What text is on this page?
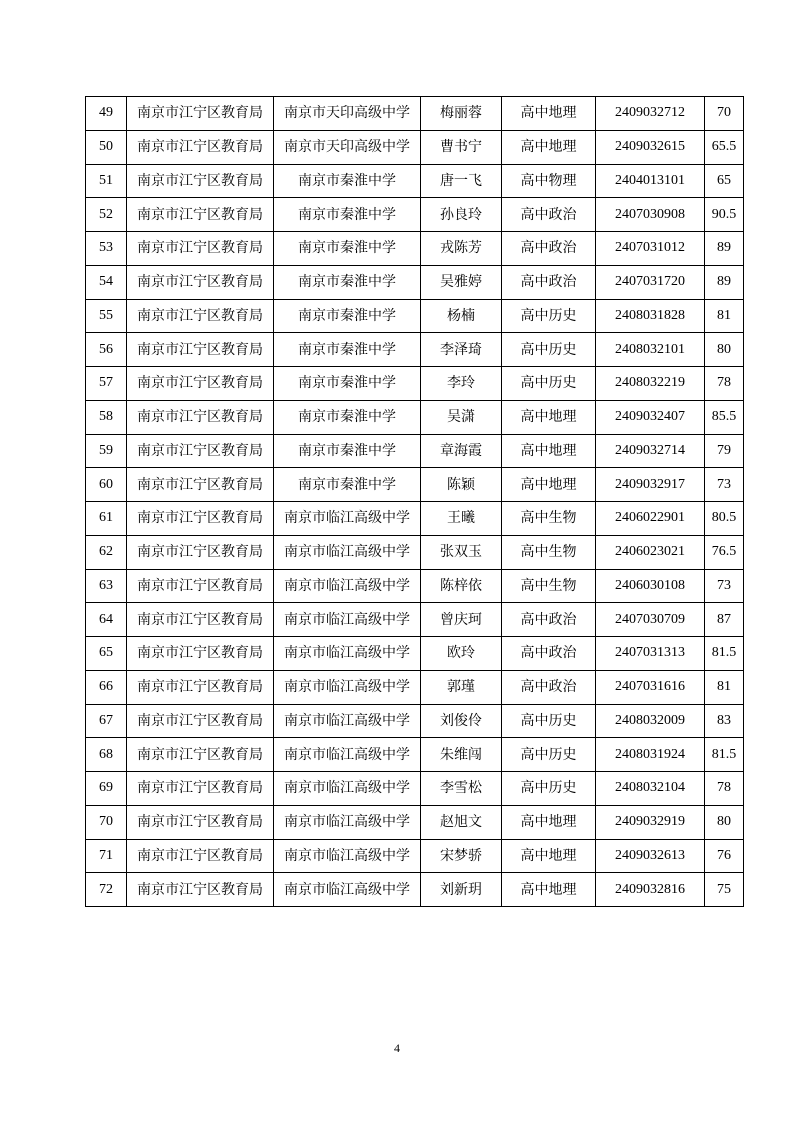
49	南京市江宁区教育局	南京市天印高级中学	梅丽蓉	高中地理	2409032712	70
50	南京市江宁区教育局	南京市天印高级中学	曹书宁	高中地理	2409032615	65.5
51	南京市江宁区教育局	南京市秦淮中学	唐一飞	高中物理	2404013101	65
52	南京市江宁区教育局	南京市秦淮中学	孙良玲	高中政治	2407030908	90.5
53	南京市江宁区教育局	南京市秦淮中学	戎陈芳	高中政治	2407031012	89
54	南京市江宁区教育局	南京市秦淮中学	吴雅婷	高中政治	2407031720	89
55	南京市江宁区教育局	南京市秦淮中学	杨楠	高中历史	2408031828	81
56	南京市江宁区教育局	南京市秦淮中学	李泽琦	高中历史	2408032101	80
57	南京市江宁区教育局	南京市秦淮中学	李玲	高中历史	2408032219	78
58	南京市江宁区教育局	南京市秦淮中学	吴潇	高中地理	2409032407	85.5
59	南京市江宁区教育局	南京市秦淮中学	章海霞	高中地理	2409032714	79
60	南京市江宁区教育局	南京市秦淮中学	陈颖	高中地理	2409032917	73
61	南京市江宁区教育局	南京市临江高级中学	王曦	高中生物	2406022901	80.5
62	南京市江宁区教育局	南京市临江高级中学	张双玉	高中生物	2406023021	76.5
63	南京市江宁区教育局	南京市临江高级中学	陈梓依	高中生物	2406030108	73
64	南京市江宁区教育局	南京市临江高级中学	曾庆珂	高中政治	2407030709	87
65	南京市江宁区教育局	南京市临江高级中学	欧玲	高中政治	2407031313	81.5
66	南京市江宁区教育局	南京市临江高级中学	郭瑾	高中政治	2407031616	81
67	南京市江宁区教育局	南京市临江高级中学	刘俊伶	高中历史	2408032009	83
68	南京市江宁区教育局	南京市临江高级中学	朱维闯	高中历史	2408031924	81.5
69	南京市江宁区教育局	南京市临江高级中学	李雪松	高中历史	2408032104	78
70	南京市江宁区教育局	南京市临江高级中学	赵旭文	高中地理	2409032919	80
71	南京市江宁区教育局	南京市临江高级中学	宋梦骄	高中地理	2409032613	76
72	南京市江宁区教育局	南京市临江高级中学	刘新玥	高中地理	2409032816	75
4
